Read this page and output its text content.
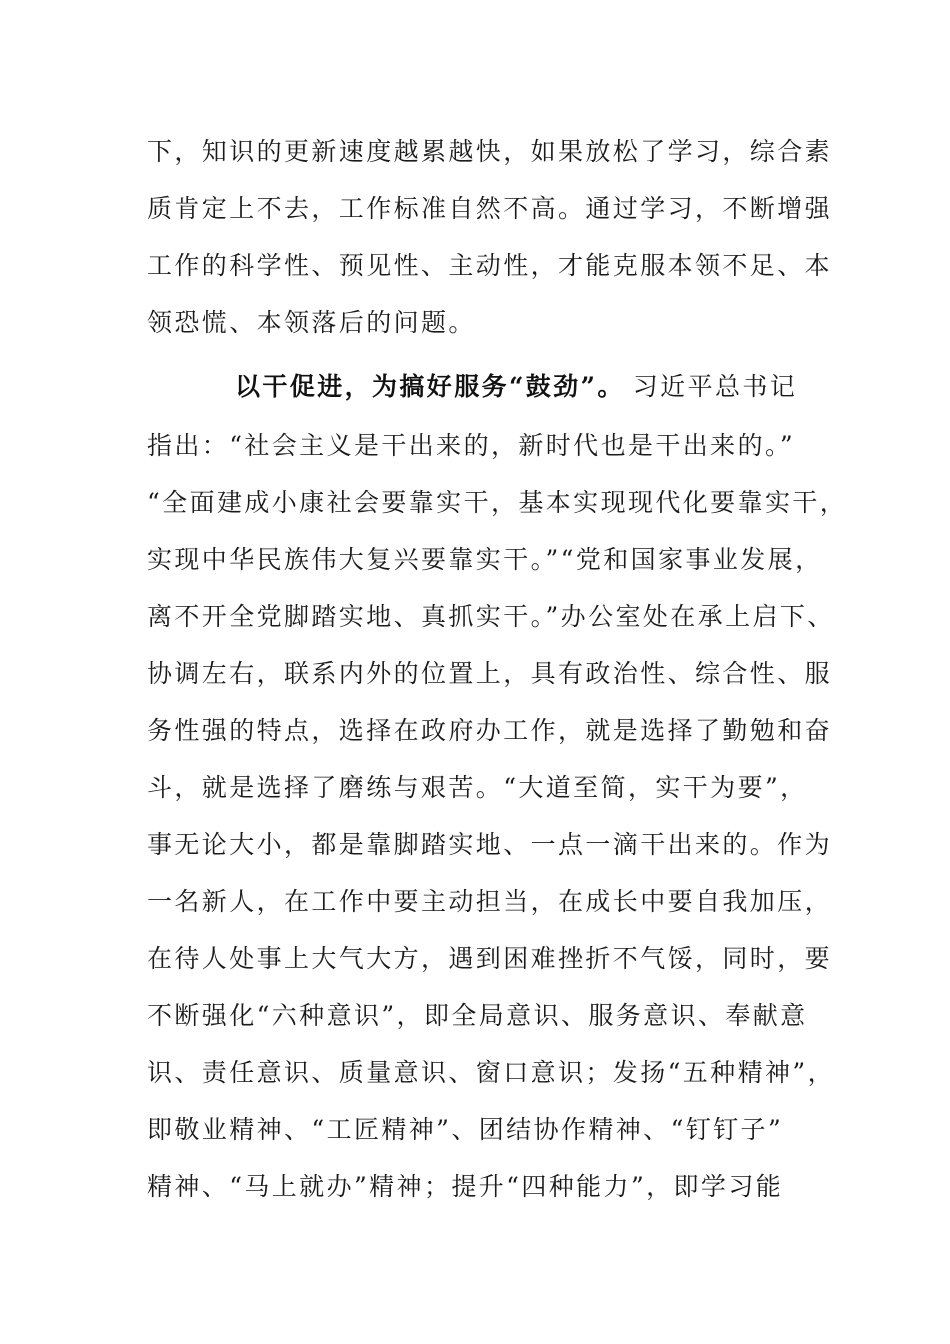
下，知识的更新速度越累越快，如果放松了学习，综合素
质肯定上不去，工作标准自然不高。通过学习，不断增强
工作的科学性、预见性、主动性，才能克服本领不足、本
领恐慌、本领落后的问题。
以干促进，为搞好服务“鼓劲”。 习近平总书记
指出：“社会主义是干出来的，新时代也是干出来的。”
“全面建成小康社会要靠实干，基本实现现代化要靠实干，
实现中华民族伟大复兴要靠实干。”“党和国家事业发展，
离不开全党脚踏实地、真抓实干。”办公室处在承上启下、
协调左右，联系内外的位置上，具有政治性、综合性、服
务性强的特点，选择在政府办工作，就是选择了勤勉和奋
斗，就是选择了磨练与艰苦。“大道至简，实干为要”，
事无论大小，都是靠脚踏实地、一点一滴干出来的。作为
一名新人，在工作中要主动担当，在成长中要自我加压，
在待人处事上大气大方，遇到困难挫折不气馁，同时，要
不断强化“六种意识”，即全局意识、服务意识、奉献意
识、责任意识、质量意识、窗口意识；发扬“五种精神”，
即敬业精神、“工匠精神”、团结协作精神、“钉钉子”
精神、“马上就办”精神；提升“四种能力”，即学习能
